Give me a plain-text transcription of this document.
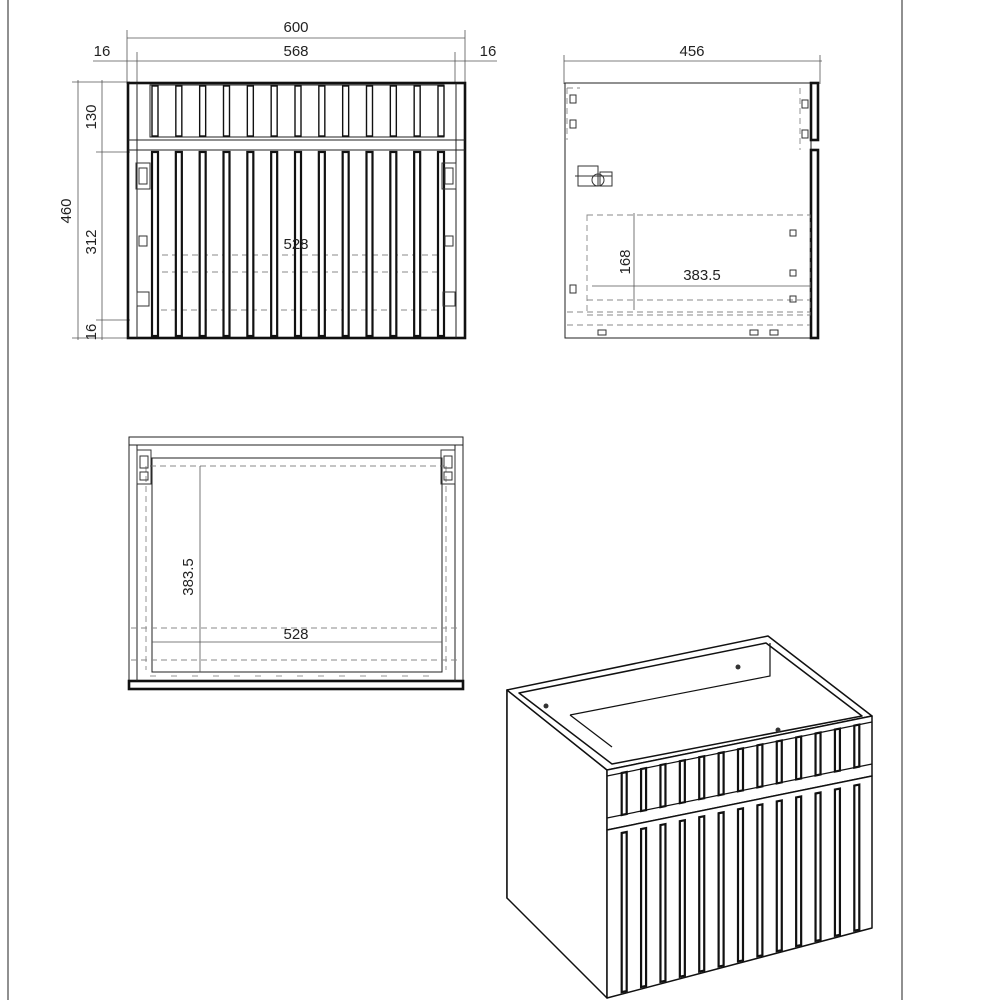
600
568
16	16
460
130
312
16
528
456
168
383.5
383.5
528
